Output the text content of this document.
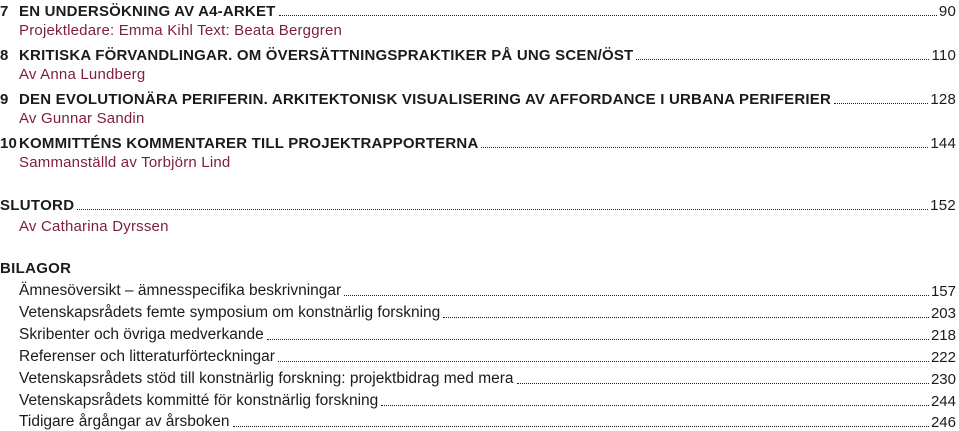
7 EN UNDERSÖKNING AV A4-ARKET	90
Projektledare: Emma Kihl Text: Beata Berggren
8 KRITISKA FÖRVANDLINGAR. OM ÖVERSÄTTNINGSPRAKTIKER PÅ UNG SCEN/ÖST	110
Av Anna Lundberg
9 DEN EVOLUTIONÄRA PERIFERIN. ARKITEKTONISK VISUALISERING AV AFFORDANCE I URBANA PERIFERIER	128
Av Gunnar Sandin
10 KOMMITTÉNS KOMMENTARER TILL PROJEKTRAPPORTERNA	144
Sammanställd av Torbjörn Lind
SLUTORD	152
Av Catharina Dyrssen
BILAGOR
Ämnesöversikt – ämnesspecifika beskrivningar	157
Vetenskapsrådets femte symposium om konstnärlig forskning	203
Skribenter och övriga medverkande	218
Referenser och litteraturförteckningar	222
Vetenskapsrådets stöd till konstnärlig forskning: projektbidrag med mera	230
Vetenskapsrådets kommitté för konstnärlig forskning	244
Tidigare årgångar av årsboken	246
